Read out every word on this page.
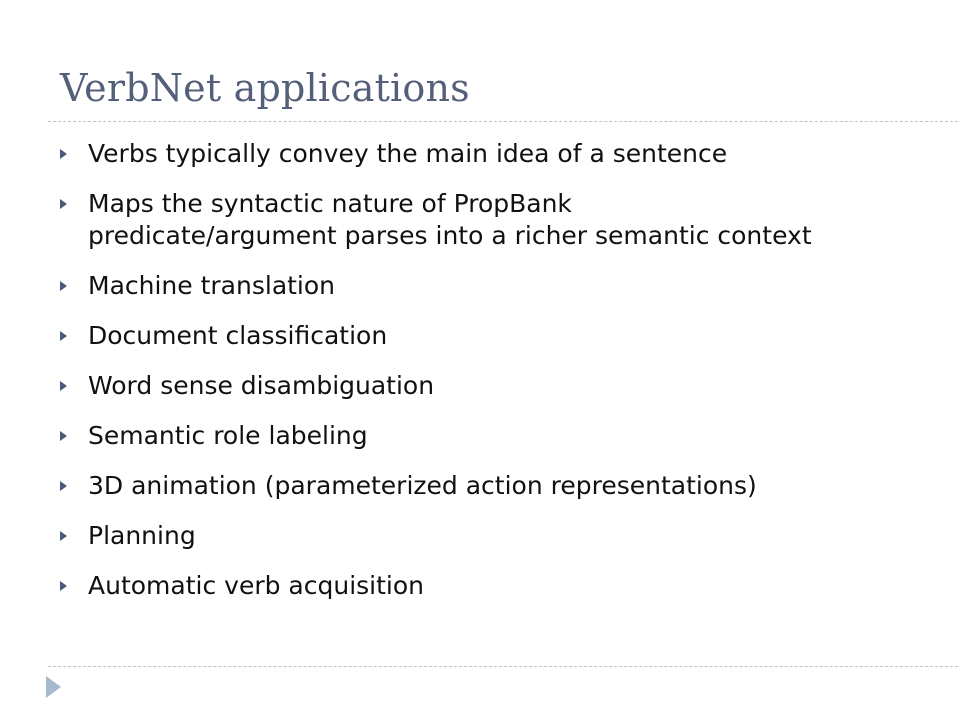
VerbNet applications
Verbs typically convey the main idea of a sentence
Maps the syntactic nature of PropBank
predicate/argument parses into a richer semantic context
Machine translation
Document classification
Word sense disambiguation
Semantic role labeling
3D animation (parameterized action representations)
Planning
Automatic verb acquisition
